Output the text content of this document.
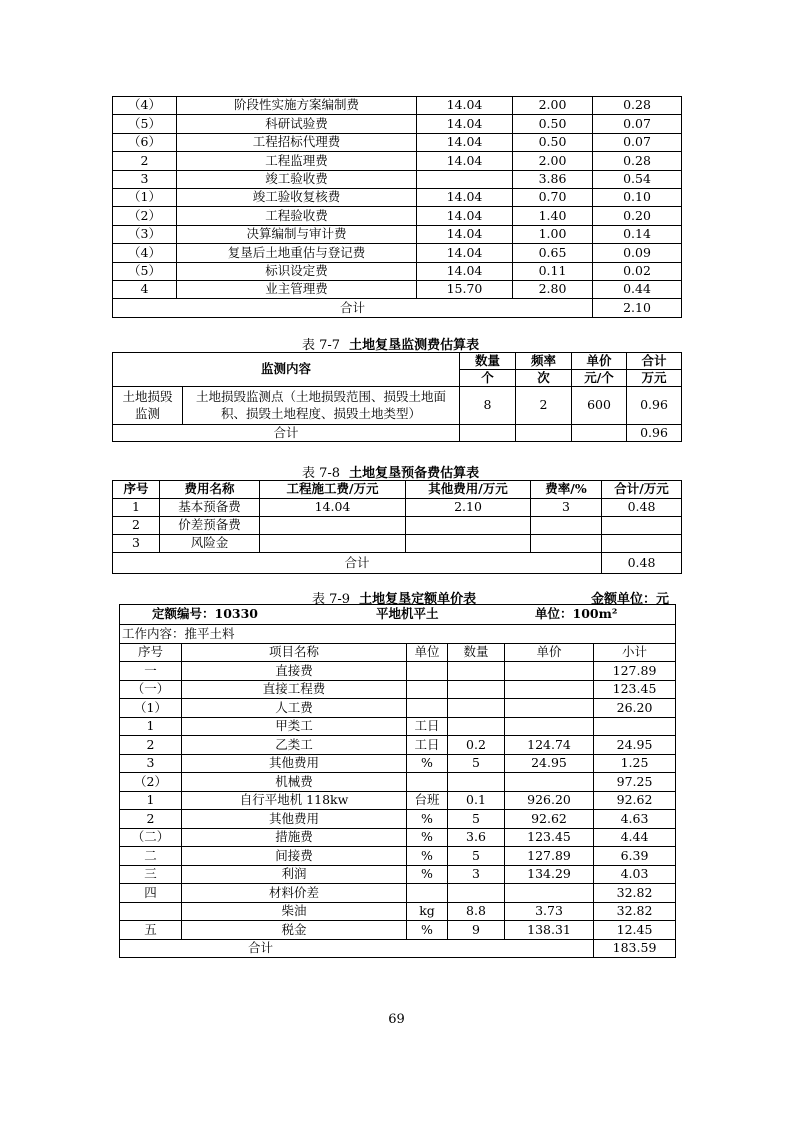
（4）	阶段性实施方案编制费	14.04	2.00	0.28
（5）	科研试验费	14.04	0.50	0.07
（6）	工程招标代理费	14.04	0.50	0.07
2	工程监理费	14.04	2.00	0.28
3	竣工验收费		3.86	0.54
（1）	竣工验收复核费	14.04	0.70	0.10
（2）	工程验收费	14.04	1.40	0.20
（3）	决算编制与审计费	14.04	1.00	0.14
（4）	复垦后土地重估与登记费	14.04	0.65	0.09
（5）	标识设定费	14.04	0.11	0.02
4	业主管理费	15.70	2.80	0.44
合计				2.10
表 7-7 土地复垦监测费估算表
监测内容		数量	频率	单价	合计
		个	次	元/个	万元
土地损毁监测	土地损毁监测点（土地损毁范围、损毁土地面积、损毁土地程度、损毁土地类型）	8	2	600	0.96
合计					0.96
表 7-8 土地复垦预备费估算表
序号	费用名称	工程施工费/万元	其他费用/万元	费率/%	合计/万元
1	基本预备费	14.04	2.10	3	0.48
2	价差预备费				
3	风险金				
合计					0.48
表 7-9 土地复垦定额单价表	金额单位：元
定额编号：10330 平地机平土 单位：100m²					

工作内容：推平土料					
序号	项目名称	单位	数量	单价	小计
一	直接费				127.89
（一）	直接工程费				123.45
（1）	人工费				26.20
1	甲类工	工日			
2	乙类工	工日	0.2	124.74	24.95
3	其他费用	%	5	24.95	1.25
（2）	机械费				97.25
1	自行平地机 118kw	台班	0.1	926.20	92.62
2	其他费用	%	5	92.62	4.63
（二）	措施费	%	3.6	123.45	4.44
二	间接费	%	5	127.89	6.39
三	利润	%	3	134.29	4.03
四	材料价差				32.82
	柴油	kg	8.8	3.73	32.82
五	税金	%	9	138.31	12.45
合计					183.59
69
